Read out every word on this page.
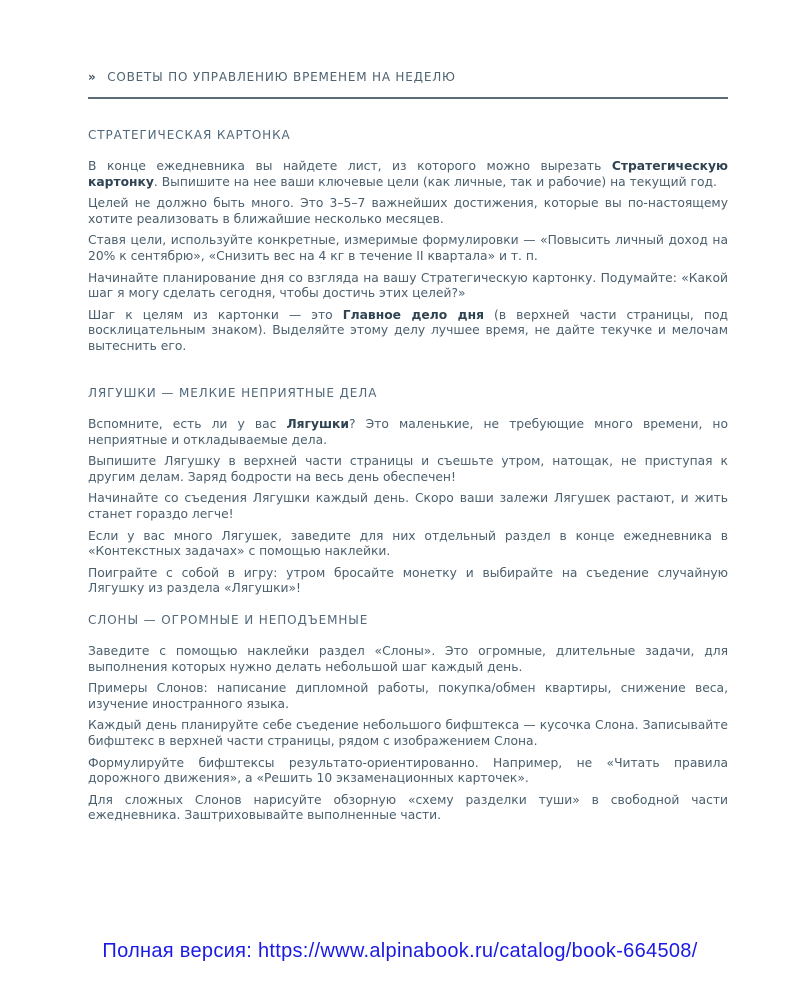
» СОВЕТЫ ПО УПРАВЛЕНИЮ ВРЕМЕНЕМ НА НЕДЕЛЮ
СТРАТЕГИЧЕСКАЯ КАРТОНКА

В конце ежедневника вы найдете лист, из которого можно вырезать Стратегическую картонку. Выпишите на нее ваши ключевые цели (как личные, так и рабочие) на текущий год.

Целей не должно быть много. Это 3–5–7 важнейших достижения, которые вы по-настоящему хотите реализовать в ближайшие несколько месяцев.

Ставя цели, используйте конкретные, измеримые формулировки — «Повысить личный доход на 20% к сентябрю», «Снизить вес на 4 кг в течение II квартала» и т. п.

Начинайте планирование дня со взгляда на вашу Стратегическую картонку. Подумайте: «Какой шаг я могу сделать сегодня, чтобы достичь этих целей?»

Шаг к целям из картонки — это Главное дело дня (в верхней части страницы, под восклицательным знаком). Выделяйте этому делу лучшее время, не дайте текучке и мелочам вытеснить его.

ЛЯГУШКИ — МЕЛКИЕ НЕПРИЯТНЫЕ ДЕЛА

Вспомните, есть ли у вас Лягушки? Это маленькие, не требующие много времени, но неприятные и откладываемые дела.

Выпишите Лягушку в верхней части страницы и съешьте утром, натощак, не приступая к другим делам. Заряд бодрости на весь день обеспечен!

Начинайте со съедения Лягушки каждый день. Скоро ваши залежи Лягушек растают, и жить станет гораздо легче!

Если у вас много Лягушек, заведите для них отдельный раздел в конце ежедневника в «Контекстных задачах» с помощью наклейки.

Поиграйте с собой в игру: утром бросайте монетку и выбирайте на съедение случайную Лягушку из раздела «Лягушки»!

СЛОНЫ — ОГРОМНЫЕ И НЕПОДЪЕМНЫЕ

Заведите с помощью наклейки раздел «Слоны». Это огромные, длительные задачи, для выполнения которых нужно делать небольшой шаг каждый день.

Примеры Слонов: написание дипломной работы, покупка/обмен квартиры, снижение веса, изучение иностранного языка.

Каждый день планируйте себе съедение небольшого бифштекса — кусочка Слона. Записывайте бифштекс в верхней части страницы, рядом с изображением Слона.

Формулируйте бифштексы результато-ориентированно. Например, не «Читать правила дорожного движения», а «Решить 10 экзаменационных карточек».

Для сложных Слонов нарисуйте обзорную «схему разделки туши» в свободной части ежедневника. Заштриховывайте выполненные части.

Полная версия: https://www.alpinabook.ru/catalog/book-664508/
